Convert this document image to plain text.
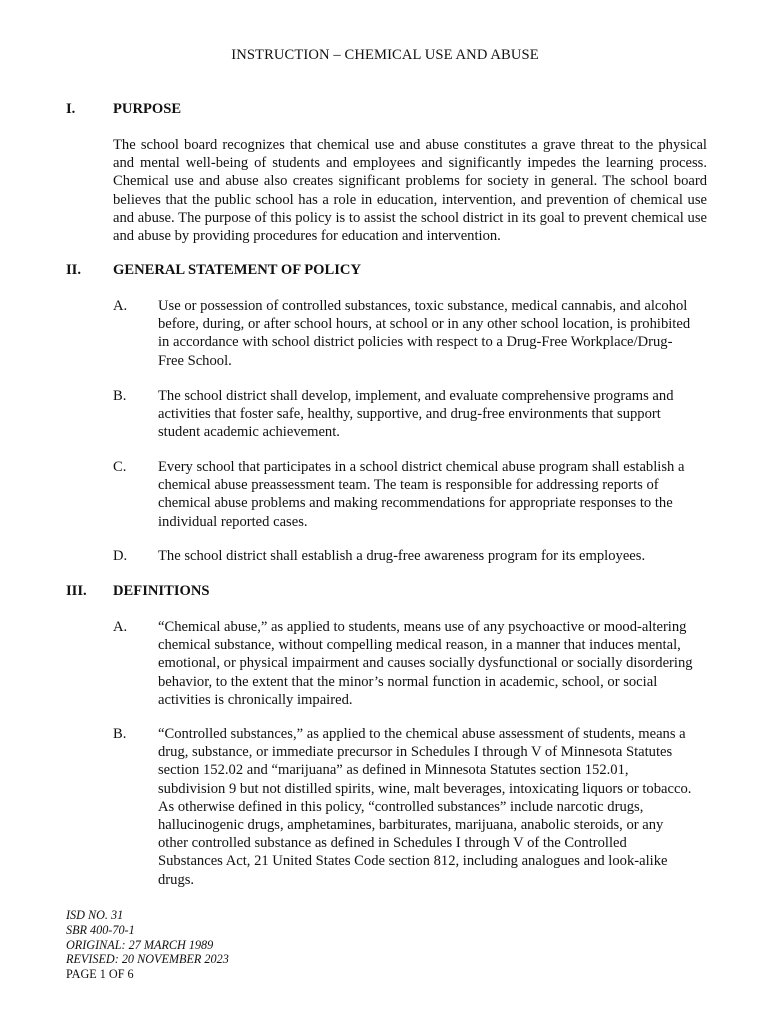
INSTRUCTION – CHEMICAL USE AND ABUSE
I.	PURPOSE

The school board recognizes that chemical use and abuse constitutes a grave threat to the physical and mental well-being of students and employees and significantly impedes the learning process. Chemical use and abuse also creates significant problems for society in general. The school board believes that the public school has a role in education, intervention, and prevention of chemical use and abuse. The purpose of this policy is to assist the school district in its goal to prevent chemical use and abuse by providing procedures for education and intervention.

II. GENERAL STATEMENT OF POLICY
A. Use or possession of controlled substances, toxic substance, medical cannabis, and alcohol before, during, or after school hours, at school or in any other school location, is prohibited in accordance with school district policies with respect to a Drug-Free Workplace/Drug-Free School.

B. The school district shall develop, implement, and evaluate comprehensive programs and activities that foster safe, healthy, supportive, and drug-free environments that support student academic achievement.

C. Every school that participates in a school district chemical abuse program shall establish a chemical abuse preassessment team. The team is responsible for addressing reports of chemical abuse problems and making recommendations for appropriate responses to the individual reported cases.

D. The school district shall establish a drug-free awareness program for its employees.

III. DEFINITIONS
A. “Chemical abuse,” as applied to students, means use of any psychoactive or mood-altering chemical substance, without compelling medical reason, in a manner that induces mental, emotional, or physical impairment and causes socially dysfunctional or socially disordering behavior, to the extent that the minor’s normal function in academic, school, or social activities is chronically impaired.

B. “Controlled substances,” as applied to the chemical abuse assessment of students, means a drug, substance, or immediate precursor in Schedules I through V of Minnesota Statutes section 152.02 and “marijuana” as defined in Minnesota Statutes section 152.01, subdivision 9 but not distilled spirits, wine, malt beverages, intoxicating liquors or tobacco. As otherwise defined in this policy, “controlled substances” include narcotic drugs, hallucinogenic drugs, amphetamines, barbiturates, marijuana, anabolic steroids, or any other controlled substance as defined in Schedules I through V of the Controlled Substances Act, 21 United States Code section 812, including analogues and look-alike drugs.

ISD NO. 31
SBR 400-70-1
ORIGINAL: 27 MARCH 1989
REVISED: 20 NOVEMBER 2023
PAGE 1 OF 6
